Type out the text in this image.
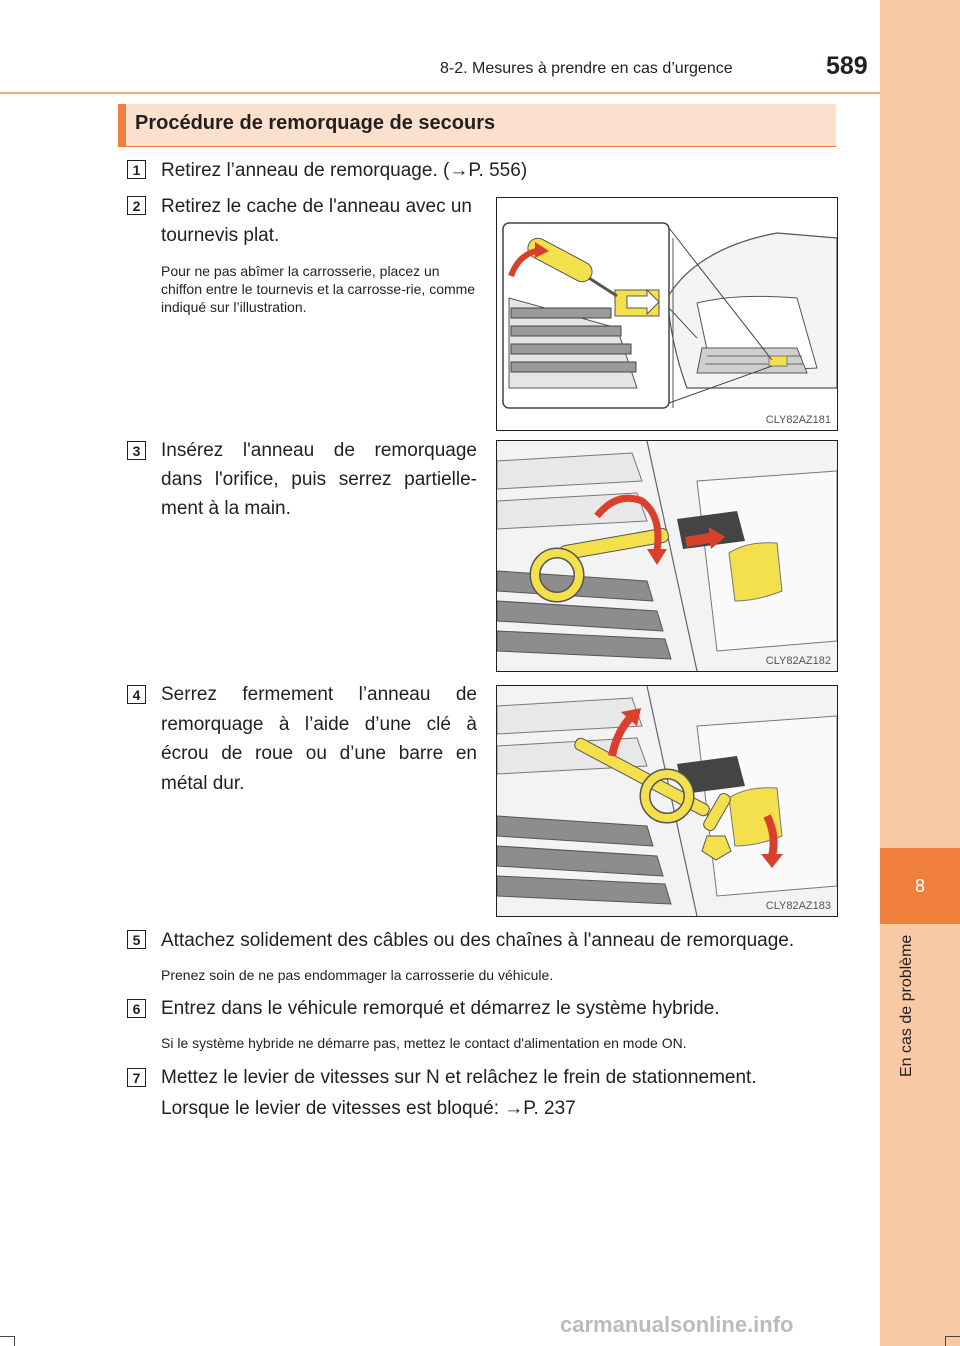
8-2. Mesures à prendre en cas d’urgence	589
8
En cas de problème
Procédure de remorquage de secours
1 Retirez l’anneau de remorquage. (→P. 556)
2 Retirez le cache de l'anneau avec un tournevis plat.
Pour ne pas abîmer la carrosserie, placez un chiffon entre le tournevis et la carrosse-rie, comme indiqué sur l’illustration.
CLY82AZ181
3 Insérez l'anneau de remorquage dans l'orifice, puis serrez partielle-ment à la main.
CLY82AZ182
4 Serrez fermement l’anneau de remorquage à l’aide d’une clé à écrou de roue ou d’une barre en métal dur.
CLY82AZ183
5 Attachez solidement des câbles ou des chaînes à l'anneau de remorquage.
Prenez soin de ne pas endommager la carrosserie du véhicule.
6 Entrez dans le véhicule remorqué et démarrez le système hybride.
Si le système hybride ne démarre pas, mettez le contact d'alimentation en mode ON.
7 Mettez le levier de vitesses sur N et relâchez le frein de stationnement.
Lorsque le levier de vitesses est bloqué: →P. 237
carmanualsonline.info
